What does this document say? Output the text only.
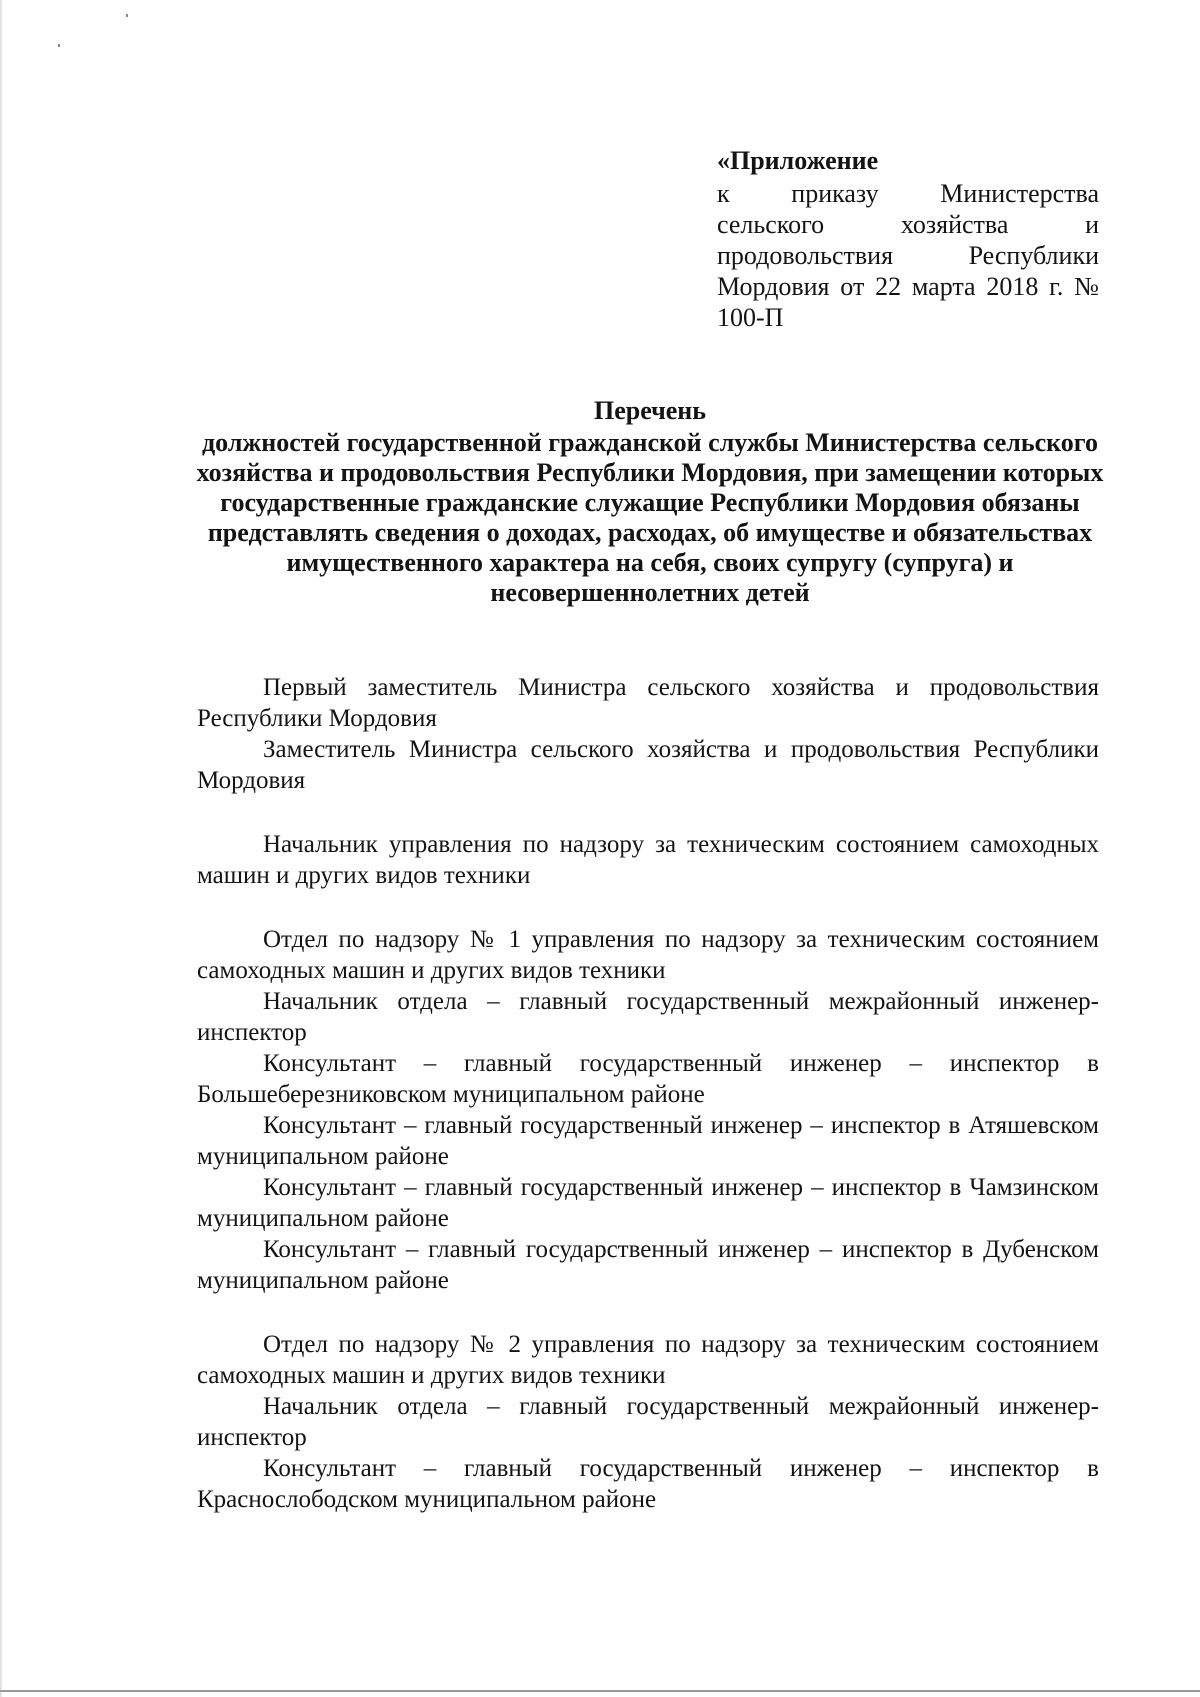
«Приложение

к приказу Министерства сельского хозяйства и продовольствия Республики Мордовия от 22 марта 2018 г. № 100-П

Перечень

должностей государственной гражданской службы Министерства сельского хозяйства и продовольствия Республики Мордовия, при замещении которых государственные гражданские служащие Республики Мордовия обязаны представлять сведения о доходах, расходах, об имуществе и обязательствах имущественного характера на себя, своих супругу (супруга) и несовершеннолетних детей

Первый заместитель Министра сельского хозяйства и продовольствия Республики Мордовия

Заместитель Министра сельского хозяйства и продовольствия Республики Мордовия

Начальник управления по надзору за техническим состоянием самоходных машин и других видов техники

Отдел по надзору № 1 управления по надзору за техническим состоянием самоходных машин и других видов техники

Начальник отдела – главный государственный межрайонный инженер-инспектор

Консультант – главный государственный инженер – инспектор в Большеберезниковском муниципальном районе

Консультант – главный государственный инженер – инспектор в Атяшевском муниципальном районе

Консультант – главный государственный инженер – инспектор в Чамзинском муниципальном районе

Консультант – главный государственный инженер – инспектор в Дубенском муниципальном районе

Отдел по надзору № 2 управления по надзору за техническим состоянием самоходных машин и других видов техники

Начальник отдела – главный государственный межрайонный инженер-инспектор

Консультант – главный государственный инженер – инспектор в Краснослободском муниципальном районе
